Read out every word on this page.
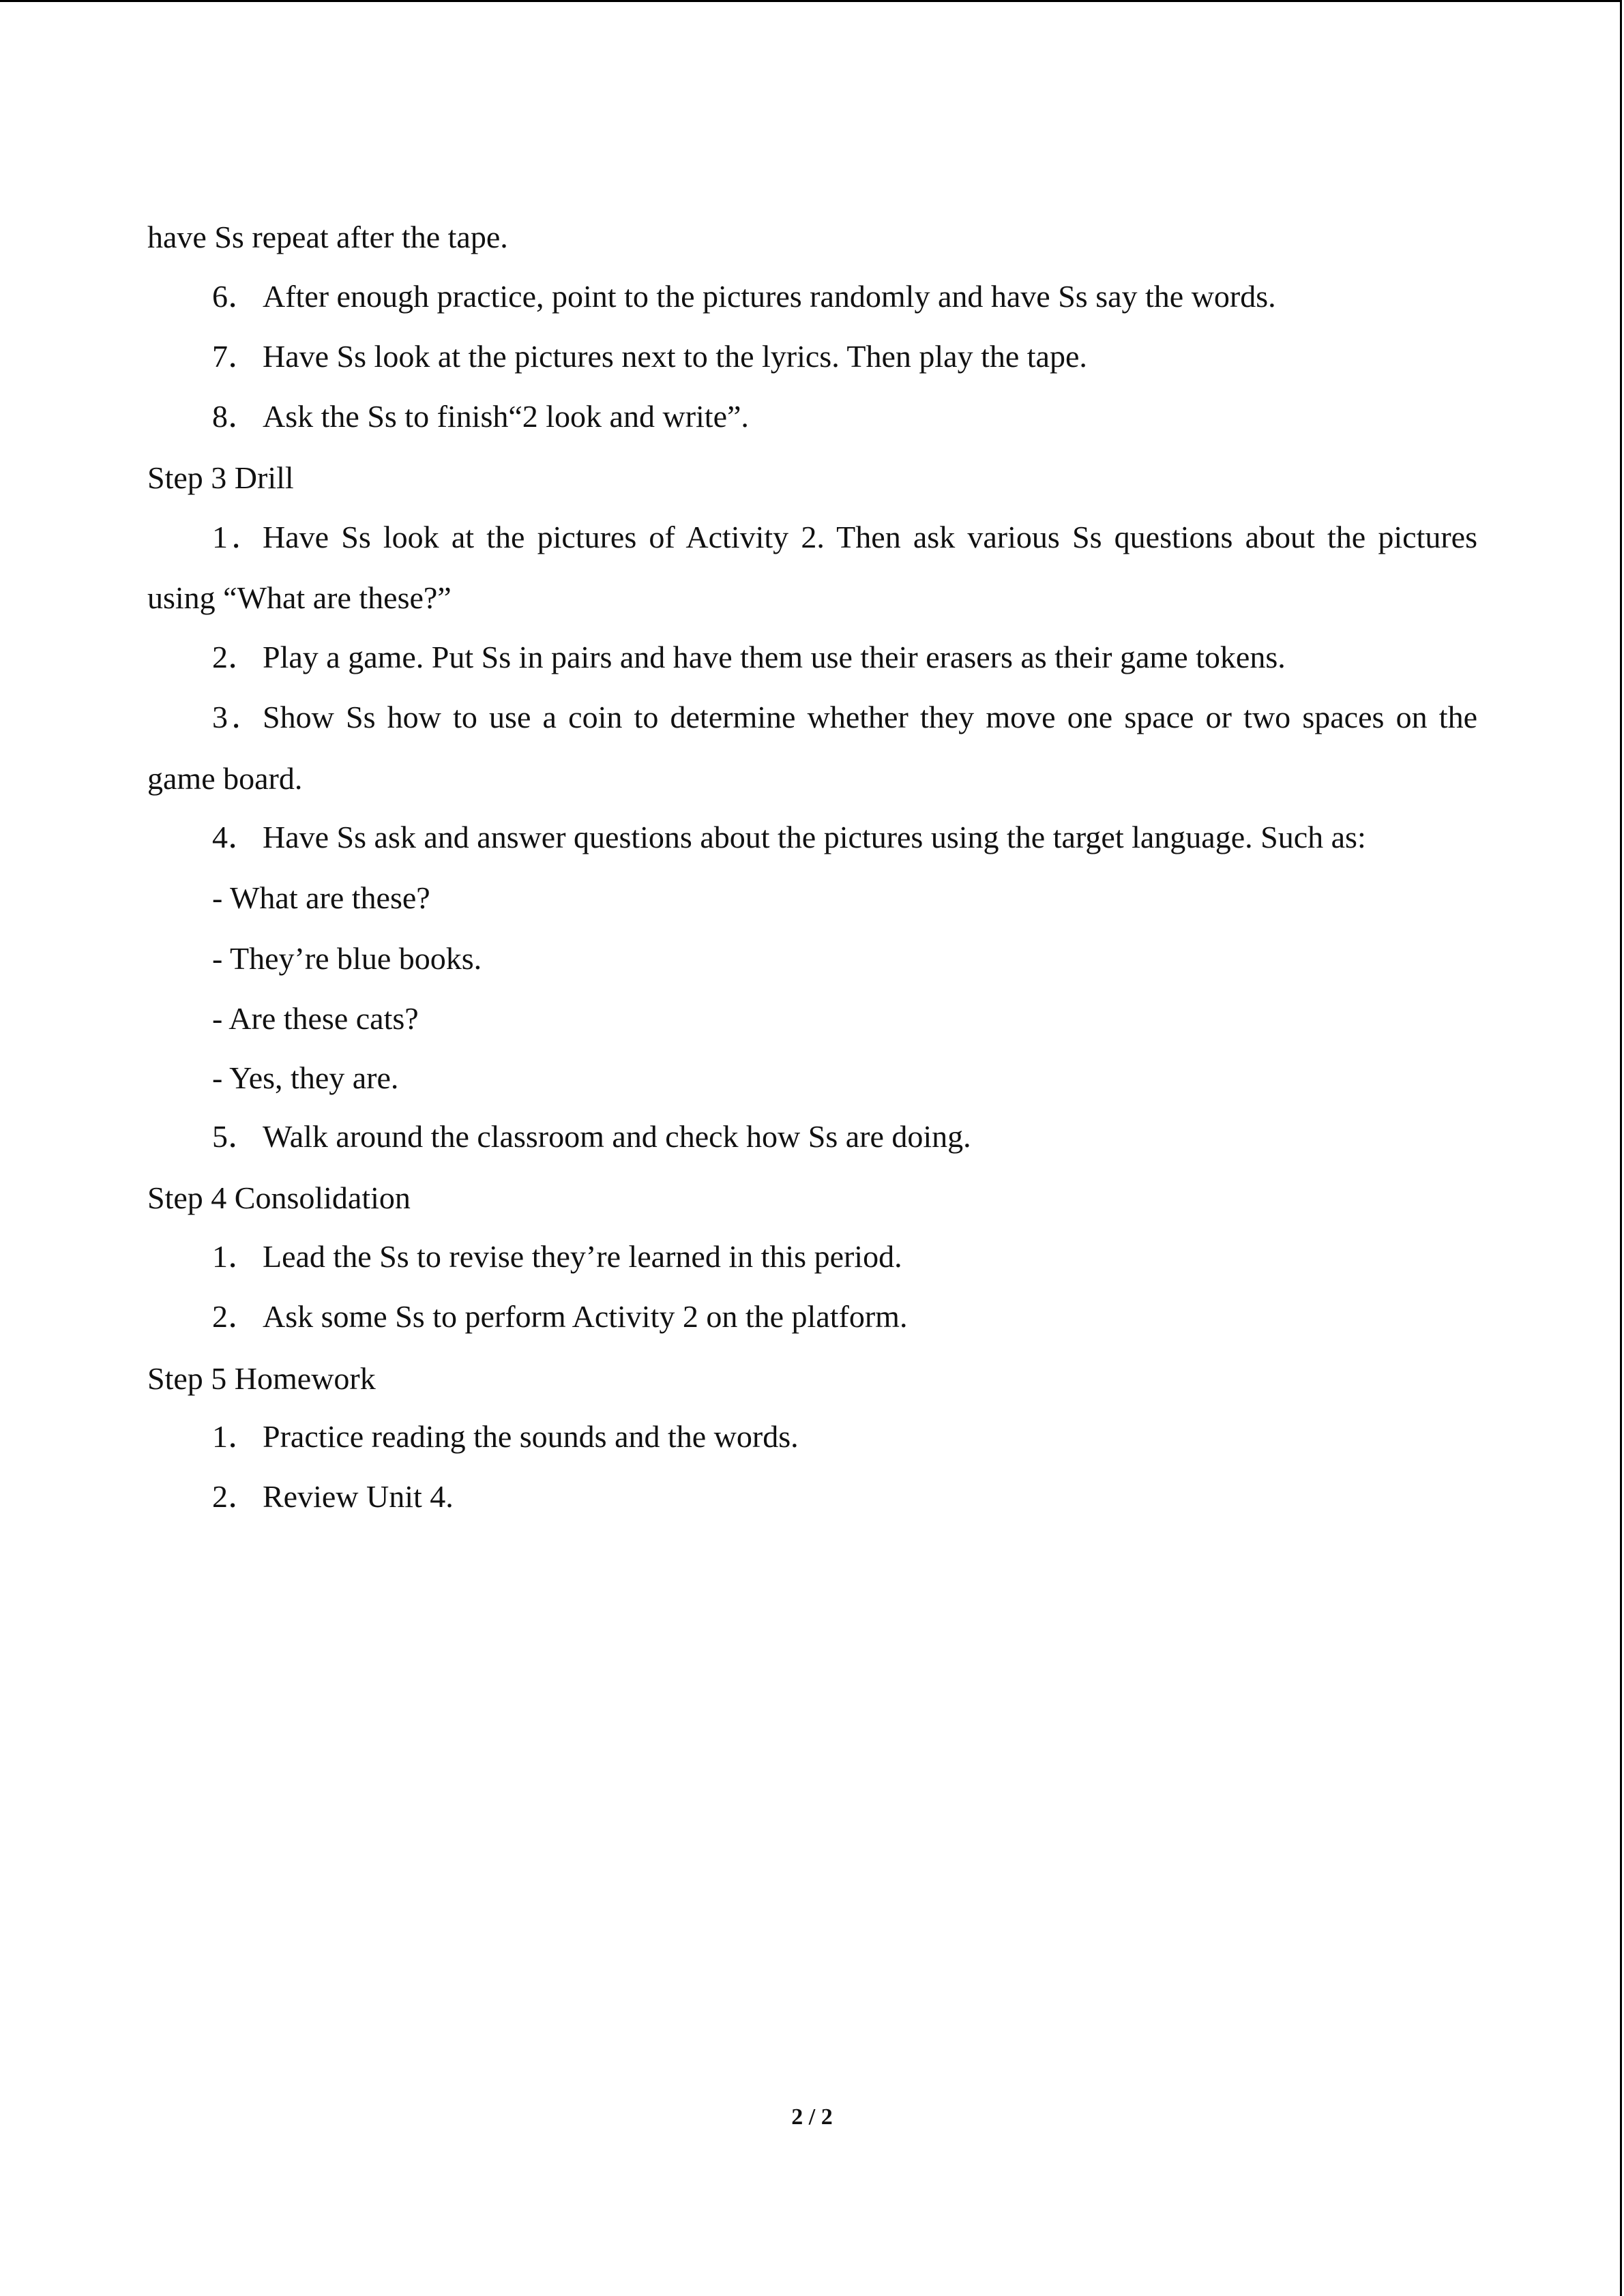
have Ss repeat after the tape.
6． After enough practice, point to the pictures randomly and have Ss say the words.
7． Have Ss look at the pictures next to the lyrics. Then play the tape.
8． Ask the Ss to finish“2 look and write”.
Step 3 Drill
1．Have Ss look at the pictures of Activity 2. Then ask various Ss questions about the pictures
using “What are these?”
2． Play a game. Put Ss in pairs and have them use their erasers as their game tokens.
3．Show Ss how to use a coin to determine whether they move one space or two spaces on the
game board.
4． Have Ss ask and answer questions about the pictures using the target language. Such as:
- What are these?
- They’re blue books.
- Are these cats?
- Yes, they are.
5． Walk around the classroom and check how Ss are doing.
Step 4 Consolidation
1． Lead the Ss to revise they’re learned in this period.
2． Ask some Ss to perform Activity 2 on the platform.
Step 5 Homework
1． Practice reading the sounds and the words.
2． Review Unit 4.
2 / 2
